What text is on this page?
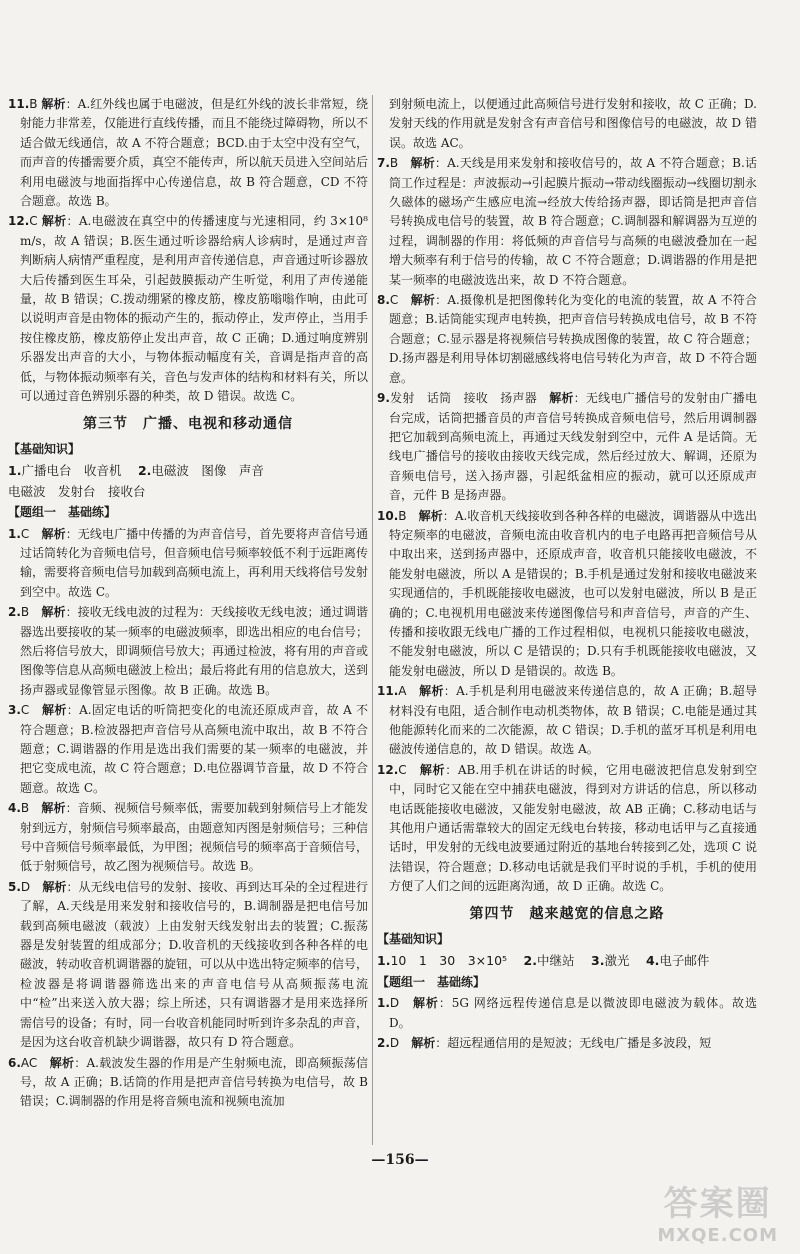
11.B 解析：A.红外线也属于电磁波，但是红外线的波长非常短，绕射能力非常差，仅能进行直线传播，而且不能绕过障碍物，所以不适合做无线通信，故 A 不符合题意；BCD.由于太空中没有空气，而声音的传播需要介质，真空不能传声，所以航天员进入空间站后利用电磁波与地面指挥中心传递信息，故 B 符合题意，CD 不符合题意。故选 B。

12.C 解析：A.电磁波在真空中的传播速度与光速相同，约 3×10⁸ m/s，故 A 错误；B.医生通过听诊器给病人诊病时，是通过声音判断病人病情严重程度，是利用声音传递信息，声音通过听诊器放大后传播到医生耳朵，引起鼓膜振动产生听觉，利用了声传递能量，故 B 错误；C.拨动绷紧的橡皮筋，橡皮筋嗡嗡作响，由此可以说明声音是由物体的振动产生的，振动停止，发声停止，当用手按住橡皮筋，橡皮筋停止发出声音，故 C 正确；D.通过响度辨别乐器发出声音的大小，与物体振动幅度有关，音调是指声音的高低，与物体振动频率有关，音色与发声体的结构和材料有关，所以可以通过音色辨别乐器的种类，故 D 错误。故选 C。

第三节　广播、电视和移动通信
【基础知识】
1.广播电台　收音机　 2.电磁波　图像　声音
电磁波　发射台　接收台
【题组一　基础练】

1.C　 解析：无线电广播中传播的为声音信号，首先要将声音信号通过话筒转化为音频电信号，但音频电信号频率较低不利于远距离传输，需要将音频电信号加载到高频电流上，再利用天线将信号发射到空中。故选 C。

2.B　 解析：接收无线电波的过程为：天线接收无线电波；通过调谐器选出要接收的某一频率的电磁波频率，即选出相应的电台信号；然后将信号放大，即调频信号放大；再通过检波，将有用的声音或图像等信息从高频电磁波上检出；最后将此有用的信息放大，送到扬声器或显像管显示图像。故 B 正确。故选 B。

3.C　 解析：A.固定电话的听筒把变化的电流还原成声音，故 A 不符合题意；B.检波器把声音信号从高频电流中取出，故 B 不符合题意；C.调谐器的作用是选出我们需要的某一频率的电磁波，并把它变成电流，故 C 符合题意；D.电位器调节音量，故 D 不符合题意。故选 C。

4.B　 解析：音频、视频信号频率低，需要加载到射频信号上才能发射到远方，射频信号频率最高，由题意知丙图是射频信号；三种信号中音频信号频率最低，为甲图；视频信号的频率高于音频信号，低于射频信号，故乙图为视频信号。故选 B。

5.D　 解析：从无线电信号的发射、接收、再到达耳朵的全过程进行了解，A.天线是用来发射和接收信号的，B.调制器是把电信号加载到高频电磁波（载波）上由发射天线发射出去的装置；C.振荡器是发射装置的组成部分；D.收音机的天线接收到各种各样的电磁波，转动收音机调谐器的旋钮，可以从中选出特定频率的信号，检波器是将调谐器筛选出来的声音电信号从高频振荡电流中“检”出来送入放大器；综上所述，只有调谐器才是用来选择所需信号的设备；有时，同一台收音机能同时听到许多杂乱的声音，是因为这台收音机缺少调谐器，故只有 D 符合题意。

6.AC　 解析：A.载波发生器的作用是产生射频电流，即高频振荡信号，故 A 正确；B.话筒的作用是把声音信号转换为电信号，故 B 错误；C.调制器的作用是将音频电流和视频电流加

到射频电流上，以便通过此高频信号进行发射和接收，故 C 正确；D.发射天线的作用就是发射含有声音信号和图像信号的电磁波，故 D 错误。故选 AC。

7.B　 解析：A.天线是用来发射和接收信号的，故 A 不符合题意；B.话筒工作过程是：声波振动→引起膜片振动→带动线圈振动→线圈切割永久磁体的磁场产生感应电流→经放大传给扬声器，即话筒是把声音信号转换成电信号的装置，故 B 符合题意；C.调制器和解调器为互逆的过程，调制器的作用：将低频的声音信号与高频的电磁波叠加在一起增大频率有利于信号的传输，故 C 不符合题意；D.调谐器的作用是把某一频率的电磁波选出来，故 D 不符合题意。

8.C　 解析：A.摄像机是把图像转化为变化的电流的装置，故 A 不符合题意；B.话筒能实现声电转换，把声音信号转换成电信号，故 B 不符合题意；C.显示器是将视频信号转换成图像的装置，故 C 符合题意；D.扬声器是利用导体切割磁感线将电信号转化为声音，故 D 不符合题意。

9.发射　话筒　接收　扬声器　 解析：无线电广播信号的发射由广播电台完成，话筒把播音员的声音信号转换成音频电信号，然后用调制器把它加载到高频电流上，再通过天线发射到空中，元件 A 是话筒。无线电广播信号的接收由接收天线完成，然后经过放大、解调，还原为音频电信号，送入扬声器，引起纸盆相应的振动，就可以还原成声音，元件 B 是扬声器。

10.B　 解析：A.收音机天线接收到各种各样的电磁波，调谐器从中选出特定频率的电磁波，音频电流由收音机内的电子电路再把音频信号从中取出来，送到扬声器中，还原成声音，收音机只能接收电磁波，不能发射电磁波，所以 A 是错误的；B.手机是通过发射和接收电磁波来实现通信的，手机既能接收电磁波，也可以发射电磁波，所以 B 是正确的；C.电视机用电磁波来传递图像信号和声音信号，声音的产生、传播和接收跟无线电广播的工作过程相似，电视机只能接收电磁波，不能发射电磁波，所以 C 是错误的；D.只有手机既能接收电磁波，又能发射电磁波，所以 D 是错误的。故选 B。

11.A　 解析：A.手机是利用电磁波来传递信息的，故 A 正确；B.超导材料没有电阻，适合制作电动机类物体，故 B 错误；C.电能是通过其他能源转化而来的二次能源，故 C 错误；D.手机的蓝牙耳机是利用电磁波传递信息的，故 D 错误。故选 A。

12.C　 解析：AB.用手机在讲话的时候，它用电磁波把信息发射到空中，同时它又能在空中捕获电磁波，得到对方讲话的信息，所以移动电话既能接收电磁波，又能发射电磁波，故 AB 正确；C.移动电话与其他用户通话需靠较大的固定无线电台转接，移动电话甲与乙直接通话时，甲发射的无线电波要通过附近的基地台转接到乙处，选项 C 说法错误，符合题意；D.移动电话就是我们平时说的手机，手机的使用方便了人们之间的远距离沟通，故 D 正确。故选 C。

第四节　越来越宽的信息之路
【基础知识】
1.10　1　30　3×10⁵　 2.中继站　 3.激光　 4.电子邮件
【题组一　基础练】

1.D　 解析：5G 网络远程传递信息是以微波即电磁波为载体。故选 D。

2.D　 解析：超远程通信用的是短波；无线电广播是多波段，短

—156—
答案圈
MXQE.COM
